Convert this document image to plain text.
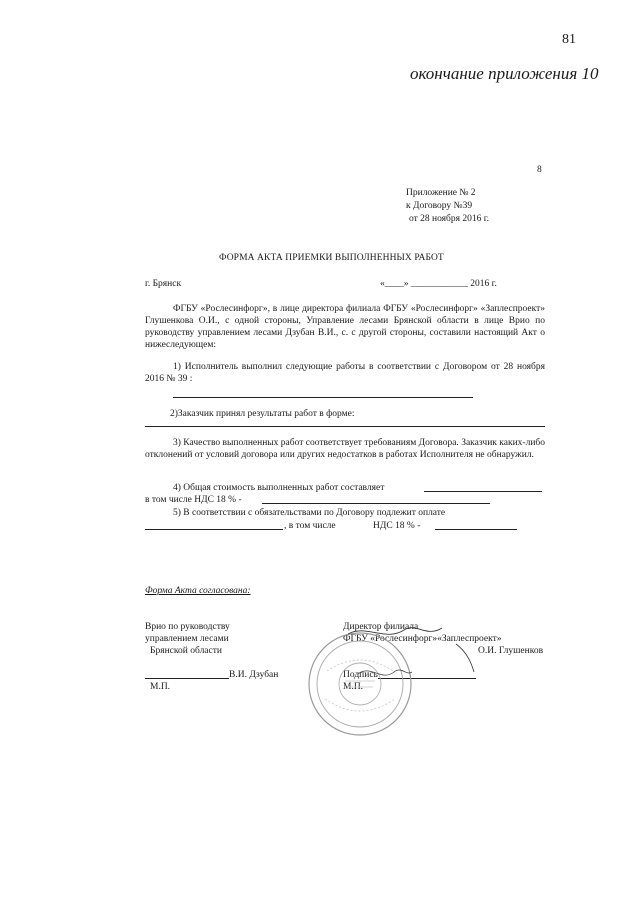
81
окончание приложения 10
8
Приложение № 2
к Договору №39
от 28 ноября 2016 г.
ФОРМА АКТА ПРИЕМКИ ВЫПОЛНЕННЫХ РАБОТ
г. Брянск	«____» ____________ 2016 г.
ФГБУ «Рослесинфорг», в лице директора филиала ФГБУ «Рослесинфорг» «Заплеспроект» Глушенкова О.И., с одной стороны, Управление лесами Брянской области в лице Врио по руководству управлением лесами Дзубан В.И., с. с другой стороны, составили настоящий Акт о нижеследующем:
1) Исполнитель выполнил следующие работы в соответствии с Договором от 28 ноября 2016 № 39 :
2)Заказчик принял результаты работ в форме:
3) Качество выполненных работ соответствует требованиям Договора. Заказчик каких-либо отклонений от условий договора или других недостатков в работах Исполнителя не обнаружил.
4) Общая стоимость выполненных работ составляет
в том числе НДС 18 % -
5) В соответствии с обязательствами по Договору подлежит оплате
, в том числе	НДС 18 % -
Форма Акта согласована:
Врио по руководству
управлением лесами
Брянской области
В.И. Дзубан
М.П.
Директор филиала
ФГБУ «Рослесинфорг»«Заплеспроект»
О.И. Глушенков
Подпись
М.П.
